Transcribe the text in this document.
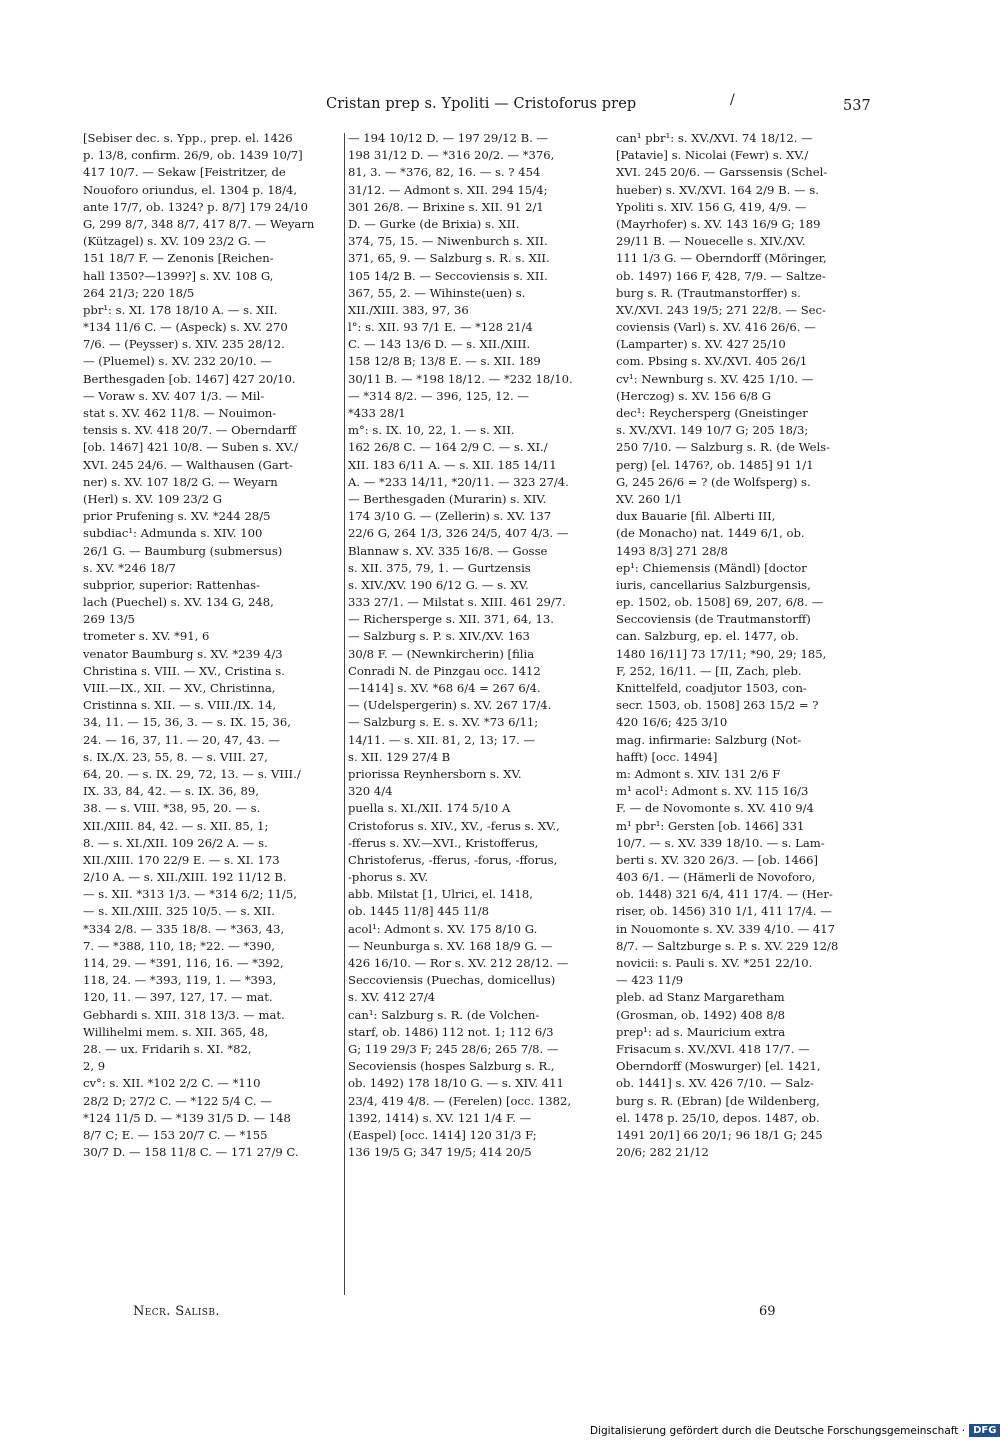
Cristan prep s. Ypoliti — Cristoforus prep	/	537
[Sebiser dec. s. Ypp., prep. el. 1426
p. 13/8, confirm. 26/9, ob. 1439 10/7]
417 10/7. — Sekaw [Feistritzer, de
Nouoforo oriundus, el. 1304 p. 18/4,
ante 17/7, ob. 1324? p. 8/7] 179 24/10
G, 299 8/7, 348 8/7, 417 8/7. — Weyarn
(Kützagel) s. XV. 109 23/2 G. —
151 18/7 F. — Zenonis [Reichen-
hall 1350?—1399?] s. XV. 108 G,
264 21/3; 220 18/5
pbr¹: s. XI. 178 18/10 A. — s. XII.
*134 11/6 C. — (Aspeck) s. XV. 270
7/6. — (Peysser) s. XIV. 235 28/12.
— (Pluemel) s. XV. 232 20/10. —
Berthesgaden [ob. 1467] 427 20/10.
— Voraw s. XV. 407 1/3. — Mil-
stat s. XV. 462 11/8. — Nouimon-
tensis s. XV. 418 20/7. — Oberndarff
[ob. 1467] 421 10/8. — Suben s. XV./
XVI. 245 24/6. — Walthausen (Gart-
ner) s. XV. 107 18/2 G. — Weyarn
(Herl) s. XV. 109 23/2 G
prior Prufening s. XV. *244 28/5
subdiac¹: Admunda s. XIV. 100
26/1 G. — Baumburg (submersus)
s. XV. *246 18/7
subprior, superior: Rattenhas-
lach (Puechel) s. XV. 134 G, 248,
269 13/5
trometer s. XV. *91, 6
venator Baumburg s. XV. *239 4/3
Christina s. VIII. — XV., Cristina s.
VIII.—IX., XII. — XV., Christinna,
Cristinna s. XII. — s. VIII./IX. 14,
34, 11. — 15, 36, 3. — s. IX. 15, 36,
24. — 16, 37, 11. — 20, 47, 43. —
s. IX./X. 23, 55, 8. — s. VIII. 27,
64, 20. — s. IX. 29, 72, 13. — s. VIII./
IX. 33, 84, 42. — s. IX. 36, 89,
38. — s. VIII. *38, 95, 20. — s.
XII./XIII. 84, 42. — s. XII. 85, 1;
8. — s. XI./XII. 109 26/2 A. — s.
XII./XIII. 170 22/9 E. — s. XI. 173
2/10 A. — s. XII./XIII. 192 11/12 B.
— s. XII. *313 1/3. — *314 6/2; 11/5,
— s. XII./XIII. 325 10/5. — s. XII.
*334 2/8. — 335 18/8. — *363, 43,
7. — *388, 110, 18; *22. — *390,
114, 29. — *391, 116, 16. — *392,
118, 24. — *393, 119, 1. — *393,
120, 11. — 397, 127, 17. — mat.
Gebhardi s. XIII. 318 13/3. — mat.
Willihelmi mem. s. XII. 365, 48,
28. — ux. Fridarih s. XI. *82,
2, 9
cv°: s. XII. *102 2/2 C. — *110
28/2 D; 27/2 C. — *122 5/4 C. —
*124 11/5 D. — *139 31/5 D. — 148
8/7 C; E. — 153 20/7 C. — *155
30/7 D. — 158 11/8 C. — 171 27/9 C.
— 194 10/12 D. — 197 29/12 B. —
198 31/12 D. — *316 20/2. — *376,
81, 3. — *376, 82, 16. — s. ? 454
31/12. — Admont s. XII. 294 15/4;
301 26/8. — Brixine s. XII. 91 2/1
D. — Gurke (de Brixia) s. XII.
374, 75, 15. — Niwenburch s. XII.
371, 65, 9. — Salzburg s. R. s. XII.
105 14/2 B. — Seccoviensis s. XII.
367, 55, 2. — Wihinste(uen) s.
XII./XIII. 383, 97, 36
l°: s. XII. 93 7/1 E. — *128 21/4
C. — 143 13/6 D. — s. XII./XIII.
158 12/8 B; 13/8 E. — s. XII. 189
30/11 B. — *198 18/12. — *232 18/10.
— *314 8/2. — 396, 125, 12. —
*433 28/1
m°: s. IX. 10, 22, 1. — s. XII.
162 26/8 C. — 164 2/9 C. — s. XI./
XII. 183 6/11 A. — s. XII. 185 14/11
A. — *233 14/11, *20/11. — 323 27/4.
— Berthesgaden (Murarin) s. XIV.
174 3/10 G. — (Zellerin) s. XV. 137
22/6 G, 264 1/3, 326 24/5, 407 4/3. —
Blannaw s. XV. 335 16/8. — Gosse
s. XII. 375, 79, 1. — Gurtzensis
s. XIV./XV. 190 6/12 G. — s. XV.
333 27/1. — Milstat s. XIII. 461 29/7.
— Richersperge s. XII. 371, 64, 13.
— Salzburg s. P. s. XIV./XV. 163
30/8 F. — (Newnkircherin) [filia
Conradi N. de Pinzgau occ. 1412
—1414] s. XV. *68 6/4 = 267 6/4.
— (Udelspergerin) s. XV. 267 17/4.
— Salzburg s. E. s. XV. *73 6/11;
14/11. — s. XII. 81, 2, 13; 17. —
s. XII. 129 27/4 B
priorissa Reynhersborn s. XV.
320 4/4
puella s. XI./XII. 174 5/10 A
Cristoforus s. XIV., XV., -ferus s. XV.,
-fferus s. XV.—XVI., Kristofferus,
Christoferus, -fferus, -forus, -fforus,
-phorus s. XV.
abb. Milstat [1, Ulrici, el. 1418,
ob. 1445 11/8] 445 11/8
acol¹: Admont s. XV. 175 8/10 G.
— Neunburga s. XV. 168 18/9 G. —
426 16/10. — Ror s. XV. 212 28/12. —
Seccoviensis (Puechas, domicellus)
s. XV. 412 27/4
can¹: Salzburg s. R. (de Volchen-
starf, ob. 1486) 112 not. 1; 112 6/3
G; 119 29/3 F; 245 28/6; 265 7/8. —
Secoviensis (hospes Salzburg s. R.,
ob. 1492) 178 18/10 G. — s. XIV. 411
23/4, 419 4/8. — (Ferelen) [occ. 1382,
1392, 1414) s. XV. 121 1/4 F. —
(Easpel) [occ. 1414] 120 31/3 F;
136 19/5 G; 347 19/5; 414 20/5
can¹ pbr¹: s. XV./XVI. 74 18/12. —
[Patavie] s. Nicolai (Fewr) s. XV./
XVI. 245 20/6. — Garssensis (Schel-
hueber) s. XV./XVI. 164 2/9 B. — s.
Ypoliti s. XIV. 156 G, 419, 4/9. —
(Mayrhofer) s. XV. 143 16/9 G; 189
29/11 B. — Nouecelle s. XIV./XV.
111 1/3 G. — Oberndorff (Möringer,
ob. 1497) 166 F, 428, 7/9. — Saltze-
burg s. R. (Trautmanstorffer) s.
XV./XVI. 243 19/5; 271 22/8. — Sec-
coviensis (Varl) s. XV. 416 26/6. —
(Lamparter) s. XV. 427 25/10
com. Pbsing s. XV./XVI. 405 26/1
cv¹: Newnburg s. XV. 425 1/10. —
(Herczog) s. XV. 156 6/8 G
dec¹: Reychersperg (Gneistinger
s. XV./XVI. 149 10/7 G; 205 18/3;
250 7/10. — Salzburg s. R. (de Wels-
perg) [el. 1476?, ob. 1485] 91 1/1
G, 245 26/6 = ? (de Wolfsperg) s.
XV. 260 1/1
dux Bauarie [fil. Alberti III,
(de Monacho) nat. 1449 6/1, ob.
1493 8/3] 271 28/8
ep¹: Chiemensis (Mändl) [doctor
iuris, cancellarius Salzburgensis,
ep. 1502, ob. 1508] 69, 207, 6/8. —
Seccoviensis (de Trautmanstorff)
can. Salzburg, ep. el. 1477, ob.
1480 16/11] 73 17/11; *90, 29; 185,
F, 252, 16/11. — [II, Zach, pleb.
Knittelfeld, coadjutor 1503, con-
secr. 1503, ob. 1508] 263 15/2 = ?
420 16/6; 425 3/10
mag. infirmarie: Salzburg (Not-
hafft) [occ. 1494]
m: Admont s. XIV. 131 2/6 F
m¹ acol¹: Admont s. XV. 115 16/3
F. — de Novomonte s. XV. 410 9/4
m¹ pbr¹: Gersten [ob. 1466] 331
10/7. — s. XV. 339 18/10. — s. Lam-
berti s. XV. 320 26/3. — [ob. 1466]
403 6/1. — (Hämerli de Novoforo,
ob. 1448) 321 6/4, 411 17/4. — (Her-
riser, ob. 1456) 310 1/1, 411 17/4. —
in Nouomonte s. XV. 339 4/10. — 417
8/7. — Saltzburge s. P. s. XV. 229 12/8
novicii: s. Pauli s. XV. *251 22/10.
— 423 11/9
pleb. ad Stanz Margaretham
(Grosman, ob. 1492) 408 8/8
prep¹: ad s. Mauricium extra
Frisacum s. XV./XVI. 418 17/7. —
Oberndorff (Moswurger) [el. 1421,
ob. 1441] s. XV. 426 7/10. — Salz-
burg s. R. (Ebran) [de Wildenberg,
el. 1478 p. 25/10, depos. 1487, ob.
1491 20/1] 66 20/1; 96 18/1 G; 245
20/6; 282 21/12
Necr. Salisb.	69
Digitalisierung gefördert durch die Deutsche Forschungsgemeinschaft · DFG
